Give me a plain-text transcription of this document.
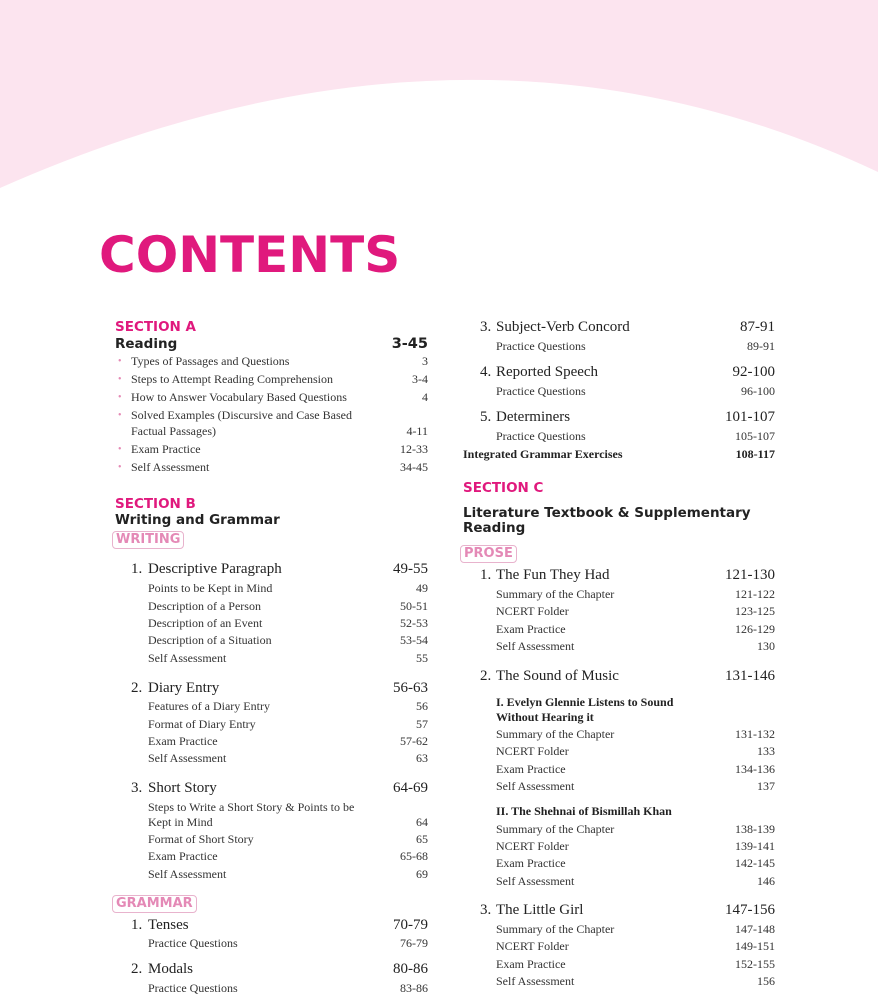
CONTENTS
SECTION A
Reading	3-45
• Types of Passages and Questions	3
• Steps to Attempt Reading Comprehension	3-4
• How to Answer Vocabulary Based Questions	4
• Solved Examples (Discursive and Case Based
Factual Passages)	4-11
• Exam Practice	12-33
• Self Assessment	34-45
SECTION B
Writing and Grammar
WRITING
1. Descriptive Paragraph	49-55
Points to be Kept in Mind	49
Description of a Person	50-51
Description of an Event	52-53
Description of a Situation	53-54
Self Assessment	55
2. Diary Entry	56-63
Features of a Diary Entry	56
Format of Diary Entry	57
Exam Practice	57-62
Self Assessment	63
3. Short Story	64-69
Steps to Write a Short Story & Points to be
Kept in Mind	64
Format of Short Story	65
Exam Practice	65-68
Self Assessment	69
GRAMMAR
1. Tenses	70-79
Practice Questions	76-79
2. Modals	80-86
Practice Questions	83-86
3. Subject-Verb Concord	87-91
Practice Questions	89-91
4. Reported Speech	92-100
Practice Questions	96-100
5. Determiners	101-107
Practice Questions	105-107
Integrated Grammar Exercises	108-117
SECTION C
Literature Textbook & Supplementary
Reading
PROSE
1. The Fun They Had	121-130
Summary of the Chapter	121-122
NCERT Folder	123-125
Exam Practice	126-129
Self Assessment	130
2. The Sound of Music	131-146
I. Evelyn Glennie Listens to Sound
Without Hearing it
Summary of the Chapter	131-132
NCERT Folder	133
Exam Practice	134-136
Self Assessment	137
II. The Shehnai of Bismillah Khan
Summary of the Chapter	138-139
NCERT Folder	139-141
Exam Practice	142-145
Self Assessment	146
3. The Little Girl	147-156
Summary of the Chapter	147-148
NCERT Folder	149-151
Exam Practice	152-155
Self Assessment	156
